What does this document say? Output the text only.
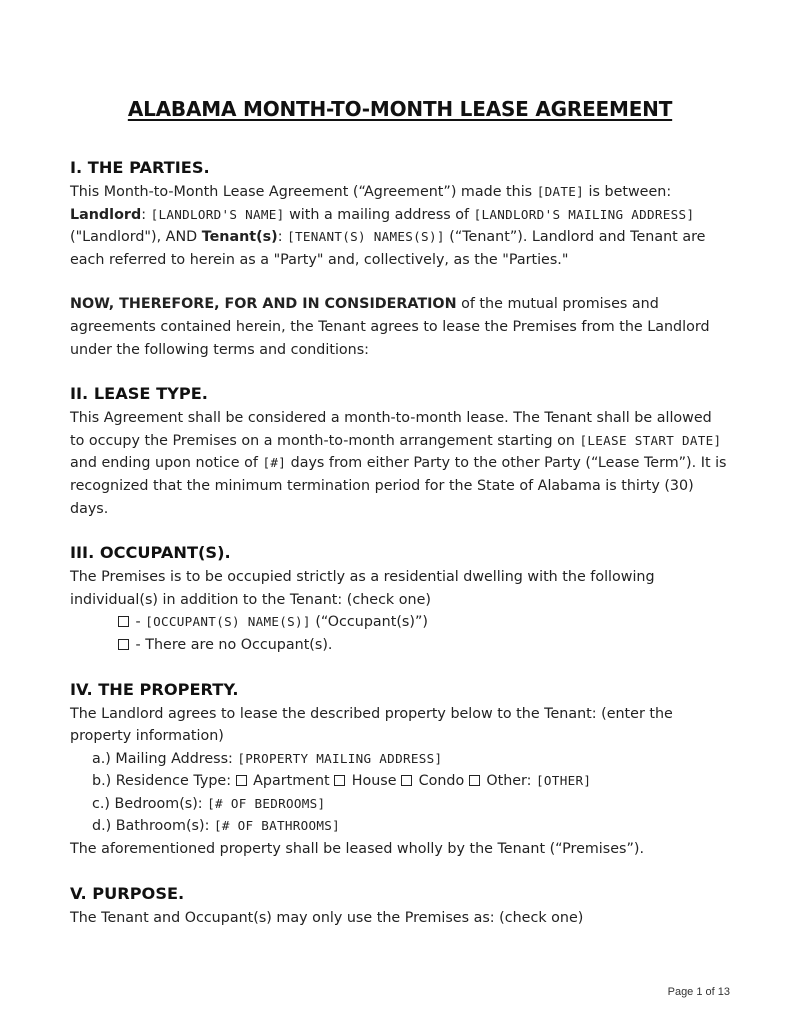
ALABAMA MONTH-TO-MONTH LEASE AGREEMENT
I. THE PARTIES.

This Month-to-Month Lease Agreement (“Agreement”) made this [DATE] is between: Landlord: [LANDLORD'S NAME] with a mailing address of [LANDLORD'S MAILING ADDRESS] ("Landlord"), AND Tenant(s): [TENANT(S) NAMES(S)] (“Tenant”). Landlord and Tenant are each referred to herein as a "Party" and, collectively, as the "Parties."

NOW, THEREFORE, FOR AND IN CONSIDERATION of the mutual promises and agreements contained herein, the Tenant agrees to lease the Premises from the Landlord under the following terms and conditions:

II. LEASE TYPE.

This Agreement shall be considered a month-to-month lease. The Tenant shall be allowed to occupy the Premises on a month-to-month arrangement starting on [LEASE START DATE] and ending upon notice of [#] days from either Party to the other Party (“Lease Term”). It is recognized that the minimum termination period for the State of Alabama is thirty (30) days.

III. OCCUPANT(S).

The Premises is to be occupied strictly as a residential dwelling with the following individual(s) in addition to the Tenant: (check one)

- [OCCUPANT(S) NAME(S)] (“Occupant(s)”)
- There are no Occupant(s).
IV. THE PROPERTY.

The Landlord agrees to lease the described property below to the Tenant: (enter the property information)

a.) Mailing Address: [PROPERTY MAILING ADDRESS]
b.) Residence Type:  Apartment  House  Condo  Other: [OTHER]
c.) Bedroom(s): [# OF BEDROOMS]
d.) Bathroom(s): [# OF BATHROOMS]

The aforementioned property shall be leased wholly by the Tenant (“Premises”).

V. PURPOSE.

The Tenant and Occupant(s) may only use the Premises as: (check one)

Page 1 of 13
